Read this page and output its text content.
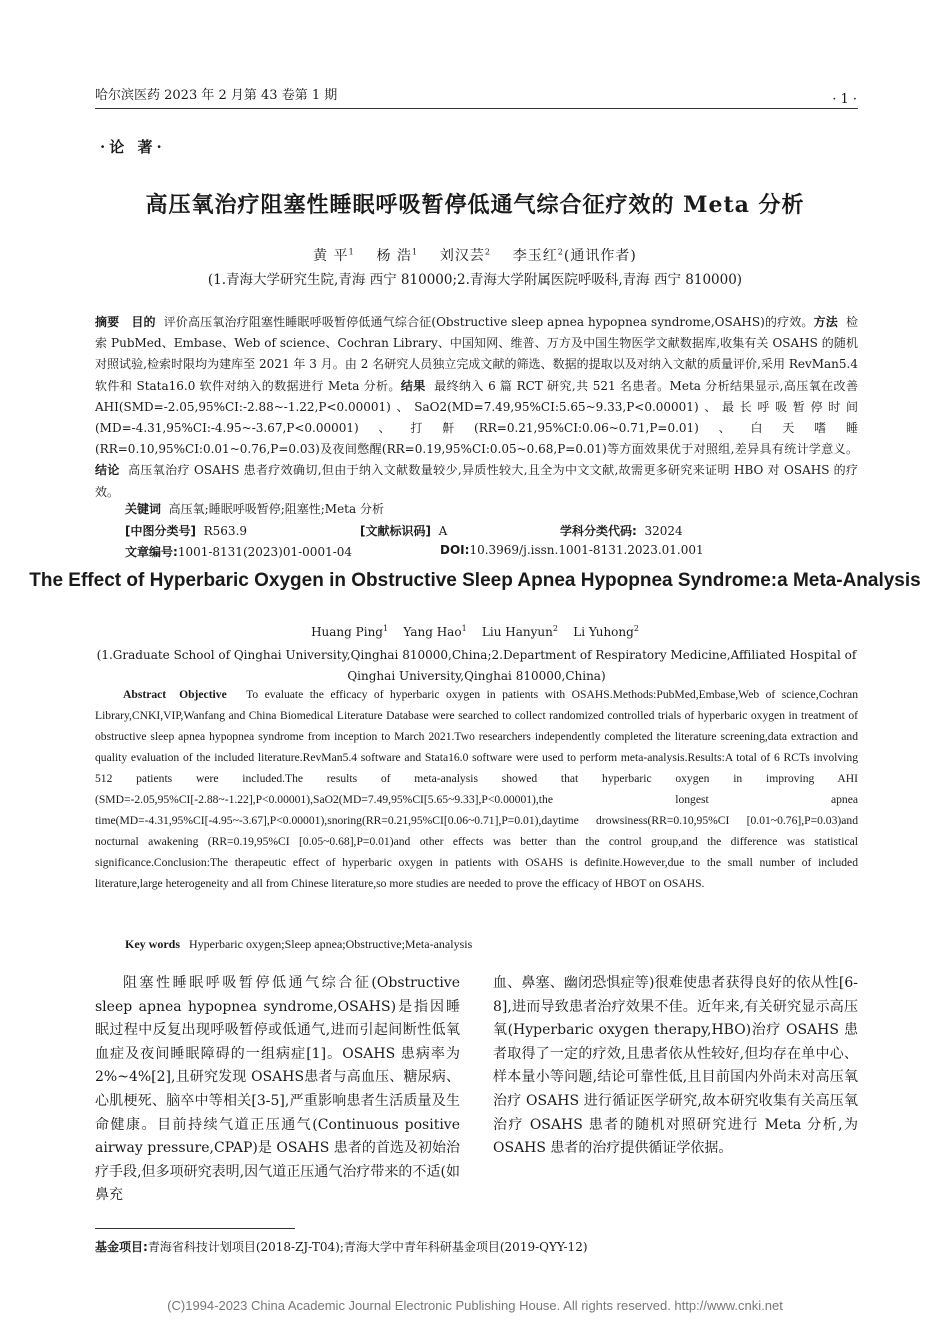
哈尔滨医药 2023 年 2 月第 43 卷第 1 期	· 1 ·
·论 著·
高压氧治疗阻塞性睡眠呼吸暂停低通气综合征疗效的 Meta 分析
黄 平$^1$ 杨 浩$^1$ 刘汉芸$^2$ 李玉红$^2$(通讯作者)
(1.青海大学研究生院,青海 西宁 810000;2.青海大学附属医院呼吸科,青海 西宁 810000)
摘要 目的 评价高压氧治疗阻塞性睡眠呼吸暂停低通气综合征(Obstructive sleep apnea hypopnea syndrome,OSAHS)的疗效。方法 检索 PubMed、Embase、Web of science、Cochran Library、中国知网、维普、万方及中国生物医学文献数据库,收集有关 OSAHS 的随机对照试验,检索时限均为建库至 2021 年 3 月。由 2 名研究人员独立完成文献的筛选、数据的提取以及对纳入文献的质量评价,采用 RevMan5.4 软件和 Stata16.0 软件对纳入的数据进行 Meta 分析。结果 最终纳入 6 篇 RCT 研究,共 521 名患者。Meta 分析结果显示,高压氧在改善 AHI(SMD=-2.05,95%CI:-2.88~-1.22,P<0.00001)、SaO2(MD=7.49,95%CI:5.65~9.33,P<0.00001)、最长呼吸暂停时间(MD=-4.31,95%CI:-4.95~-3.67,P<0.00001)、打鼾(RR=0.21,95%CI:0.06~0.71,P=0.01)、白天嗜睡(RR=0.10,95%CI:0.01~0.76,P=0.03)及夜间憋醒(RR=0.19,95%CI:0.05~0.68,P=0.01)等方面效果优于对照组,差异具有统计学意义。结论 高压氧治疗 OSAHS 患者疗效确切,但由于纳入文献数量较少,异质性较大,且全为中文文献,故需更多研究来证明 HBO 对 OSAHS 的疗效。
关键词 高压氧;睡眠呼吸暂停;阻塞性;Meta 分析
[中图分类号] R563.9	[文献标识码] A	学科分类代码: 32024
文章编号:1001-8131(2023)01-0001-04	DOI:10.3969/j.issn.1001-8131.2023.01.001
The Effect of Hyperbaric Oxygen in Obstructive Sleep Apnea Hypopnea Syndrome:a Meta-Analysis
Huang Ping$^1$ Yang Hao$^1$ Liu Hanyun$^2$ Li Yuhong$^2$
(1.Graduate School of Qinghai University,Qinghai 810000,China;2.Department of Respiratory Medicine,Affiliated Hospital of Qinghai University,Qinghai 810000,China)
Abstract Objective To evaluate the efficacy of hyperbaric oxygen in patients with OSAHS.Methods:PubMed,Embase,Web of science,Cochran Library,CNKI,VIP,Wanfang and China Biomedical Literature Database were searched to collect randomized controlled trials of hyperbaric oxygen in treatment of obstructive sleep apnea hypopnea syndrome from inception to March 2021.Two researchers independently completed the literature screening,data extraction and quality evaluation of the included literature.RevMan5.4 software and Stata16.0 software were used to perform meta-analysis.Results:A total of 6 RCTs involving 512 patients were included.The results of meta-analysis showed that hyperbaric oxygen in improving AHI (SMD=-2.05,95%CI[-2.88~-1.22],P<0.00001),SaO2(MD=7.49,95%CI[5.65~9.33],P<0.00001),the longest apnea time(MD=-4.31,95%CI[-4.95~-3.67],P<0.00001),snoring(RR=0.21,95%CI[0.06~0.71],P=0.01),daytime drowsiness(RR=0.10,95%CI [0.01~0.76],P=0.03)and nocturnal awakening (RR=0.19,95%CI [0.05~0.68],P=0.01)and other effects was better than the control group,and the difference was statistical significance.Conclusion:The therapeutic effect of hyperbaric oxygen in patients with OSAHS is definite.However,due to the small number of included literature,large heterogeneity and all from Chinese literature,so more studies are needed to prove the efficacy of HBOT on OSAHS.
Key words Hyperbaric oxygen;Sleep apnea;Obstructive;Meta-analysis
阻塞性睡眠呼吸暂停低通气综合征(Obstructive sleep apnea hypopnea syndrome,OSAHS)是指因睡眠过程中反复出现呼吸暂停或低通气,进而引起间断性低氧血症及夜间睡眠障碍的一组病症[1]。OSAHS 患病率为 2%~4%[2],且研究发现 OSAHS患者与高血压、糖尿病、心肌梗死、脑卒中等相关[3-5],严重影响患者生活质量及生命健康。目前持续气道正压通气(Continuous positive airway pressure,CPAP)是 OSAHS 患者的首选及初始治疗手段,但多项研究表明,因气道正压通气治疗带来的不适(如鼻充
血、鼻塞、幽闭恐惧症等)很难使患者获得良好的依从性[6-8],进而导致患者治疗效果不佳。近年来,有关研究显示高压氧(Hyperbaric oxygen therapy,HBO)治疗 OSAHS 患者取得了一定的疗效,且患者依从性较好,但均存在单中心、样本量小等问题,结论可靠性低,且目前国内外尚未对高压氧治疗 OSAHS 进行循证医学研究,故本研究收集有关高压氧治疗 OSAHS 患者的随机对照研究进行 Meta 分析,为 OSAHS 患者的治疗提供循证学依据。
基金项目:青海省科技计划项目(2018-ZJ-T04);青海大学中青年科研基金项目(2019-QYY-12)
(C)1994-2023 China Academic Journal Electronic Publishing House. All rights reserved. http://www.cnki.net
